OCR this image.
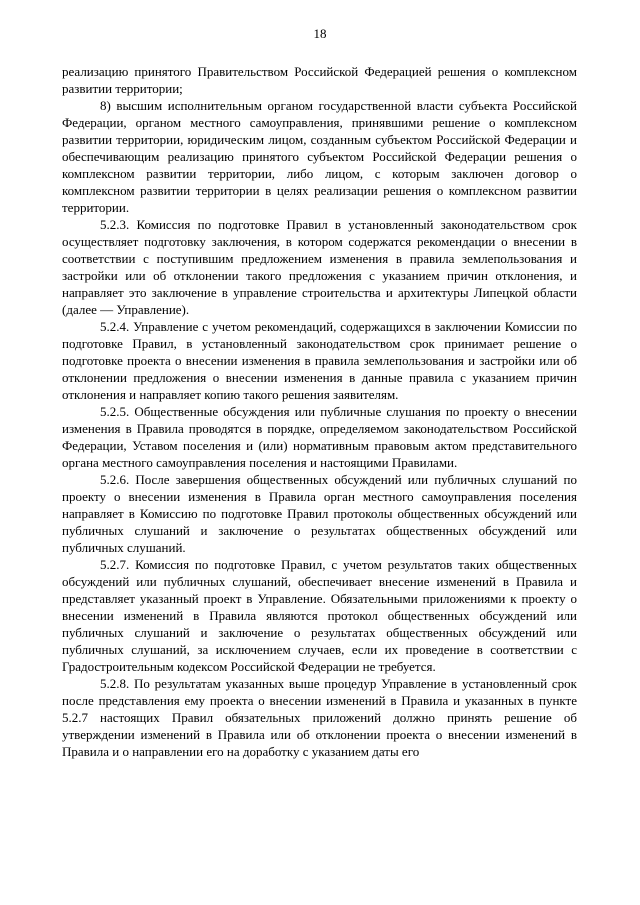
18

реализацию принятого Правительством Российской Федерацией решения о комплексном развитии территории;

8) высшим исполнительным органом государственной власти субъекта Российской Федерации, органом местного самоуправления, принявшими решение о комплексном развитии территории, юридическим лицом, созданным субъектом Российской Федерации и обеспечивающим реализацию принятого субъектом Российской Федерации решения о комплексном развитии территории, либо лицом, с которым заключен договор о комплексном развитии территории в целях реализации решения о комплексном развитии территории.

5.2.3. Комиссия по подготовке Правил в установленный законодательством срок осуществляет подготовку заключения, в котором содержатся рекомендации о внесении в соответствии с поступившим предложением изменения в правила землепользования и застройки или об отклонении такого предложения с указанием причин отклонения, и направляет это заключение в управление строительства и архитектуры Липецкой области (далее — Управление).

5.2.4. Управление с учетом рекомендаций, содержащихся в заключении Комиссии по подготовке Правил, в установленный законодательством срок принимает решение о подготовке проекта о внесении изменения в правила землепользования и застройки или об отклонении предложения о внесении изменения в данные правила с указанием причин отклонения и направляет копию такого решения заявителям.

5.2.5. Общественные обсуждения или публичные слушания по проекту о внесении изменения в Правила проводятся в порядке, определяемом законодательством Российской Федерации, Уставом поселения и (или) нормативным правовым актом представительного органа местного самоуправления поселения и настоящими Правилами.

5.2.6. После завершения общественных обсуждений или публичных слушаний по проекту о внесении изменения в Правила орган местного самоуправления поселения направляет в Комиссию по подготовке Правил протоколы общественных обсуждений или публичных слушаний и заключение о результатах общественных обсуждений или публичных слушаний.

5.2.7. Комиссия по подготовке Правил, с учетом результатов таких общественных обсуждений или публичных слушаний, обеспечивает внесение изменений в Правила и представляет указанный проект в Управление. Обязательными приложениями к проекту о внесении изменений в Правила являются протокол общественных обсуждений или публичных слушаний и заключение о результатах общественных обсуждений или публичных слушаний, за исключением случаев, если их проведение в соответствии с Градостроительным кодексом Российской Федерации не требуется.

5.2.8. По результатам указанных выше процедур Управление в установленный срок после представления ему проекта о внесении изменений в Правила и указанных в пункте 5.2.7 настоящих Правил обязательных приложений должно принять решение об утверждении изменений в Правила или об отклонении проекта о внесении изменений в Правила и о направлении его на доработку с указанием даты его
